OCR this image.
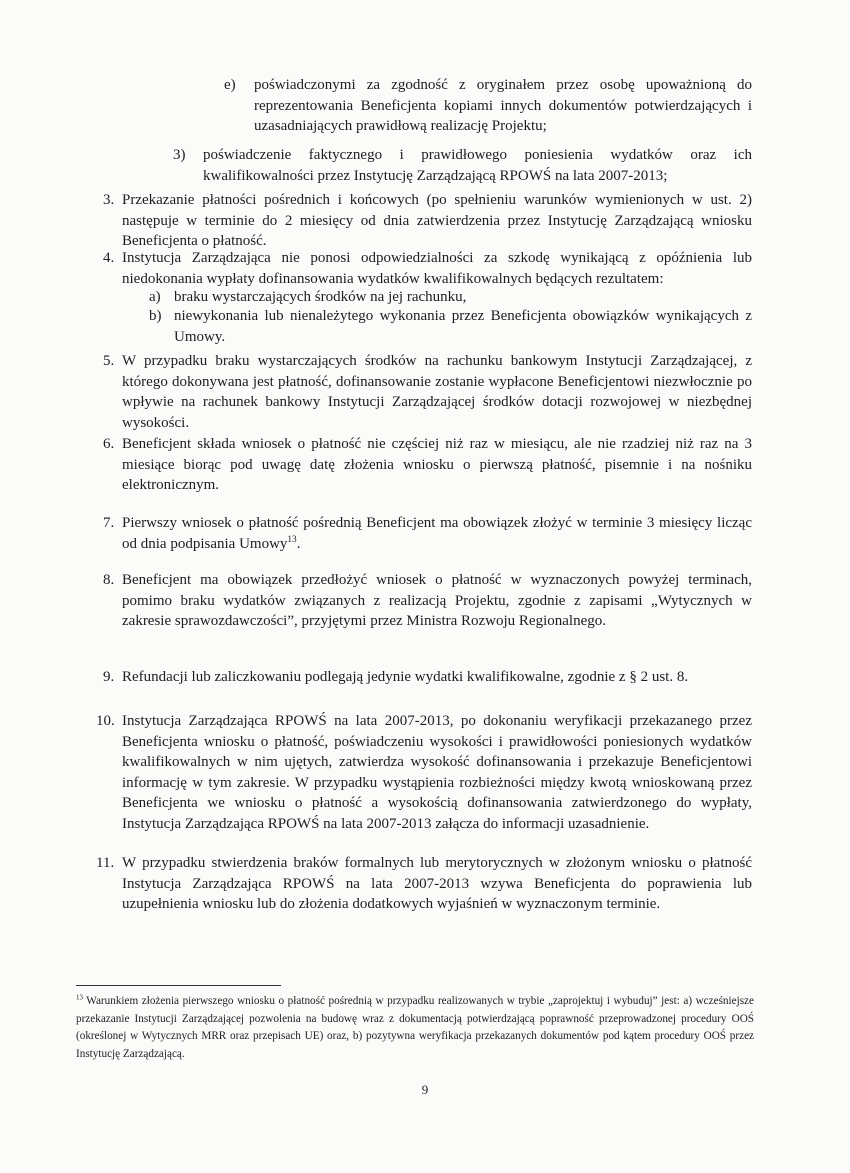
e) poświadczonymi za zgodność z oryginałem przez osobę upoważnioną do reprezentowania Beneficjenta kopiami innych dokumentów potwierdzających i uzasadniających prawidłową realizację Projektu;
3) poświadczenie faktycznego i prawidłowego poniesienia wydatków oraz ich kwalifikowalności przez Instytucję Zarządzającą RPOWŚ na lata 2007-2013;
3. Przekazanie płatności pośrednich i końcowych (po spełnieniu warunków wymienionych w ust. 2) następuje w terminie do 2 miesięcy od dnia zatwierdzenia przez Instytucję Zarządzającą wniosku Beneficjenta o płatność.
4. Instytucja Zarządzająca nie ponosi odpowiedzialności za szkodę wynikającą z opóźnienia lub niedokonania wypłaty dofinansowania wydatków kwalifikowalnych będących rezultatem:
a) braku wystarczających środków na jej rachunku,
b) niewykonania lub nienależytego wykonania przez Beneficjenta obowiązków wynikających z Umowy.
5. W przypadku braku wystarczających środków na rachunku bankowym Instytucji Zarządzającej, z którego dokonywana jest płatność, dofinansowanie zostanie wypłacone Beneficjentowi niezwłocznie po wpływie na rachunek bankowy Instytucji Zarządzającej środków dotacji rozwojowej w niezbędnej wysokości.
6. Beneficjent składa wniosek o płatność nie częściej niż raz w miesiącu, ale nie rzadziej niż raz na 3 miesiące biorąc pod uwagę datę złożenia wniosku o pierwszą płatność, pisemnie i na nośniku elektronicznym.
7. Pierwszy wniosek o płatność pośrednią Beneficjent ma obowiązek złożyć w terminie 3 miesięcy licząc od dnia podpisania Umowy$^{13}$.
8. Beneficjent ma obowiązek przedłożyć wniosek o płatność w wyznaczonych powyżej terminach, pomimo braku wydatków związanych z realizacją Projektu, zgodnie z zapisami „Wytycznych w zakresie sprawozdawczości”, przyjętymi przez Ministra Rozwoju Regionalnego.
9. Refundacji lub zaliczkowaniu podlegają jedynie wydatki kwalifikowalne, zgodnie z § 2 ust. 8.
10. Instytucja Zarządzająca RPOWŚ na lata 2007-2013, po dokonaniu weryfikacji przekazanego przez Beneficjenta wniosku o płatność, poświadczeniu wysokości i prawidłowości poniesionych wydatków kwalifikowalnych w nim ujętych, zatwierdza wysokość dofinansowania i przekazuje Beneficjentowi informację w tym zakresie. W przypadku wystąpienia rozbieżności między kwotą wnioskowaną przez Beneficjenta we wniosku o płatność a wysokością dofinansowania zatwierdzonego do wypłaty, Instytucja Zarządzająca RPOWŚ na lata 2007-2013 załącza do informacji uzasadnienie.
11. W przypadku stwierdzenia braków formalnych lub merytorycznych w złożonym wniosku o płatność Instytucja Zarządzająca RPOWŚ na lata 2007-2013 wzywa Beneficjenta do poprawienia lub uzupełnienia wniosku lub do złożenia dodatkowych wyjaśnień w wyznaczonym terminie.
$^{13}$ Warunkiem złożenia pierwszego wniosku o płatność pośrednią w przypadku realizowanych w trybie „zaprojektuj i wybuduj” jest: a) wcześniejsze przekazanie Instytucji Zarządzającej pozwolenia na budowę wraz z dokumentacją potwierdzającą poprawność przeprowadzonej procedury OOŚ (określonej w Wytycznych MRR oraz przepisach UE) oraz, b) pozytywna weryfikacja przekazanych dokumentów pod kątem procedury OOŚ przez Instytucję Zarządzającą.
9
